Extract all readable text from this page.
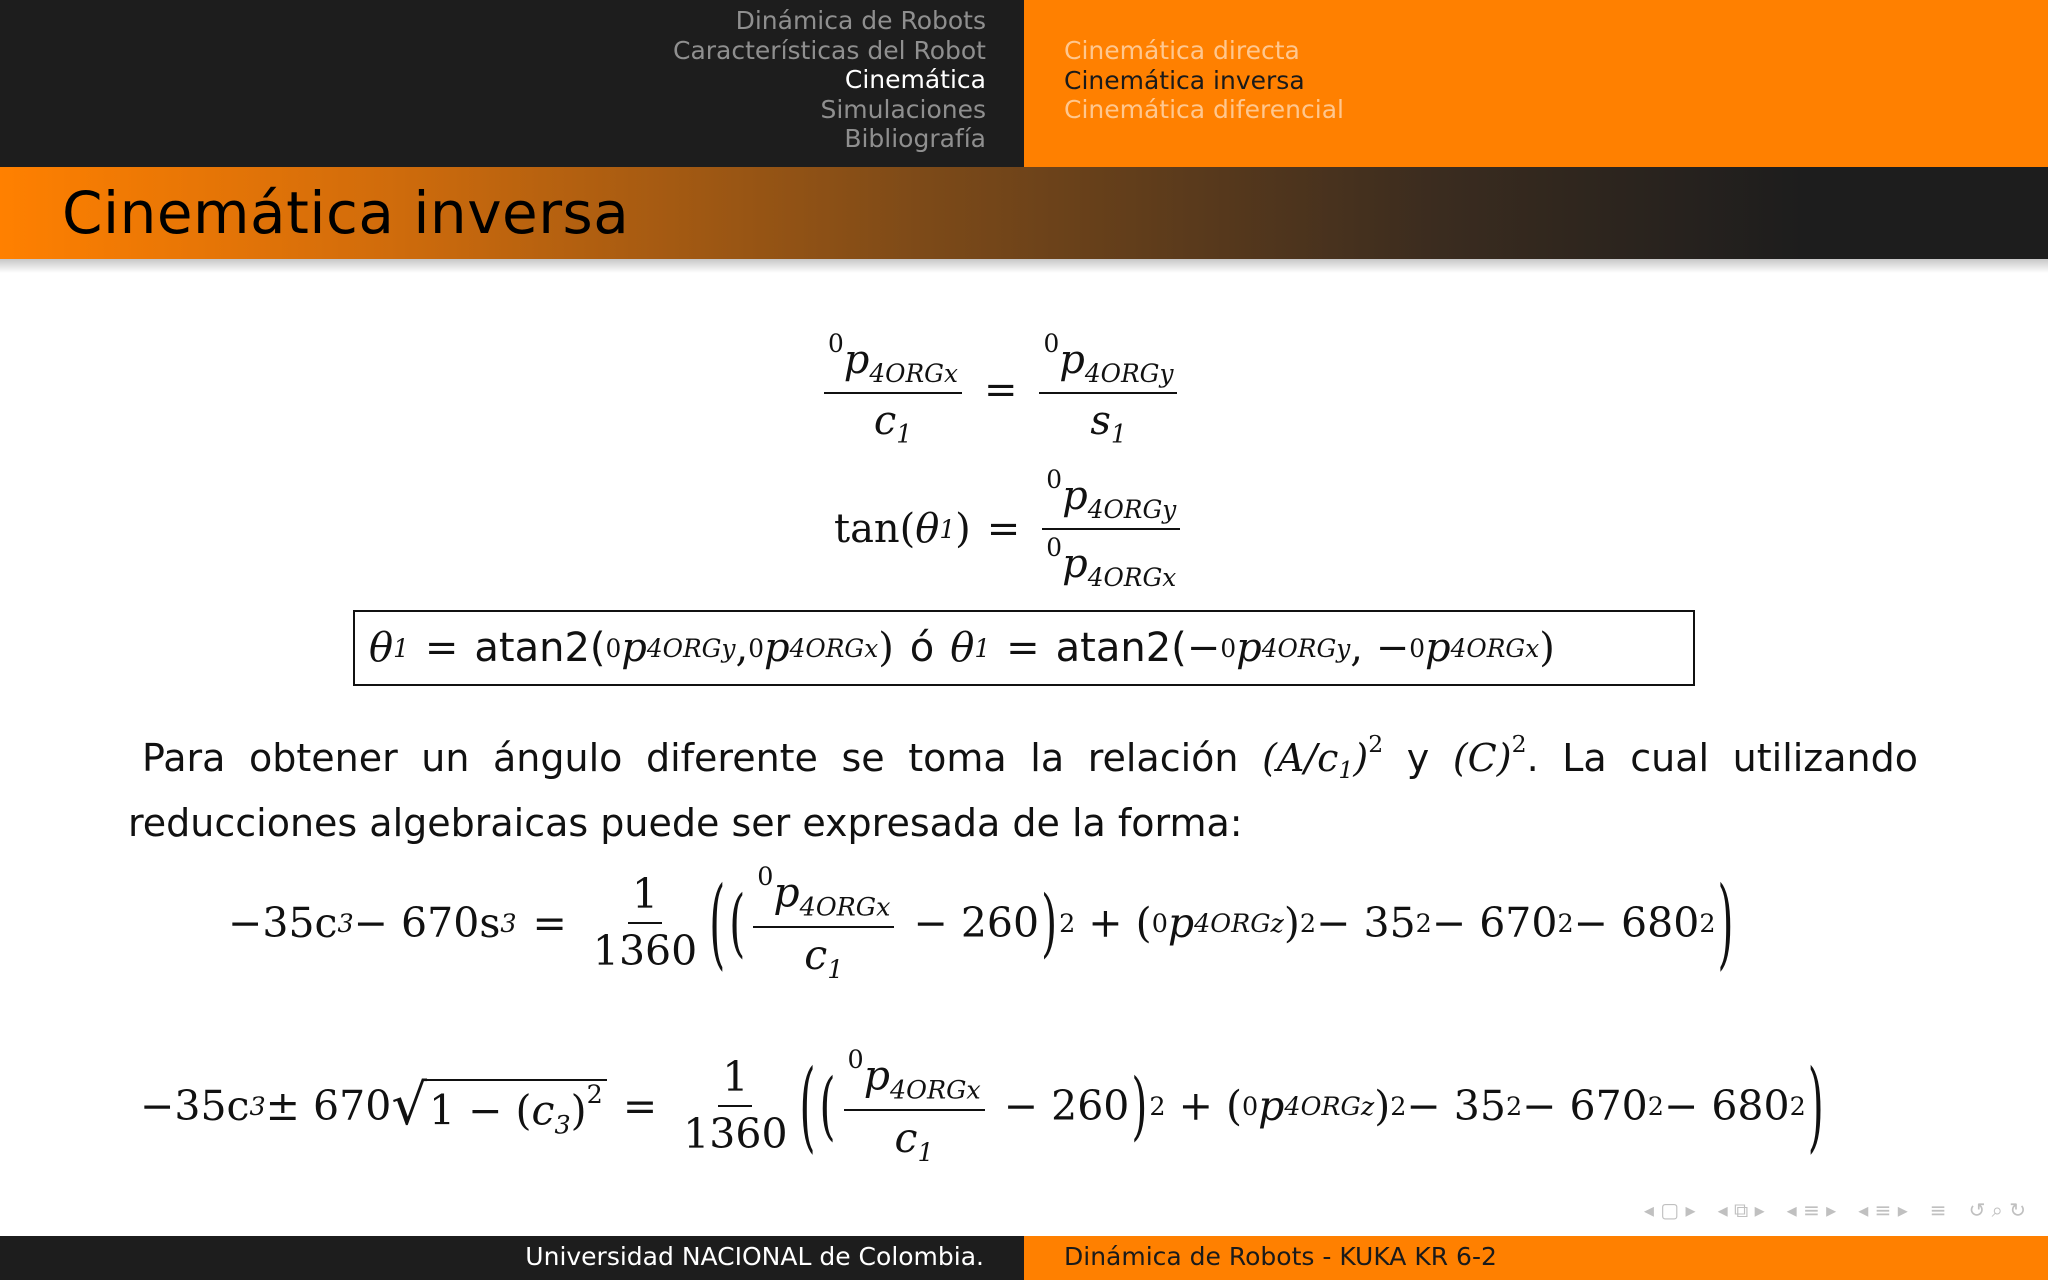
Dinámica de Robots
Características del Robot
Cinemática
Simulaciones
Bibliografía
Cinemática directa
Cinemática inversa
Cinemática diferencial
Cinemática inversa
$\frac{^0p_{4ORGx}}{c_1} = \frac{^0p_{4ORGy}}{s_1}$
tan( θ 1 ) = $\frac{^0p_{4ORGy}}{^0p_{4ORGx}}$
θ 1 = atan2( 0 p 4ORGy , 0 p 4ORGx ) ó θ 1 = atan2( − 0 p 4ORGy , − 0 p 4ORGx )
Para obtener un ángulo diferente se toma la relación $(A/c1)^2$ y $(C)^2$. La cual utilizando reducciones algebraicas puede ser expresada de la forma:
−35c 3 − 670s $3 = \frac{1}{1360}$ ( ( $\frac{^0p_{4ORGx}}{c_1} - 260$ ) 2 + ( 0 p 4ORGz ) 2 − 35 2 − 670 2 − 680 2 )
−35c 3 ± 670 √ $1 - (c_3)^2 = \frac{1}{1360}$ ( ( $\frac{^0p_{4ORGx}}{c_1} - 260$ ) 2 + ( 0 p 4ORGz ) 2 − 35 2 − 670 2 − 680 2 )
◂ ▢ ▸ ◂ ⧉ ▸ ◂ ≡ ▸ ◂ ≡ ▸ ≡ ↺ ⌕ ↻
Universidad NACIONAL de Colombia.	Dinámica de Robots - KUKA KR 6-2
